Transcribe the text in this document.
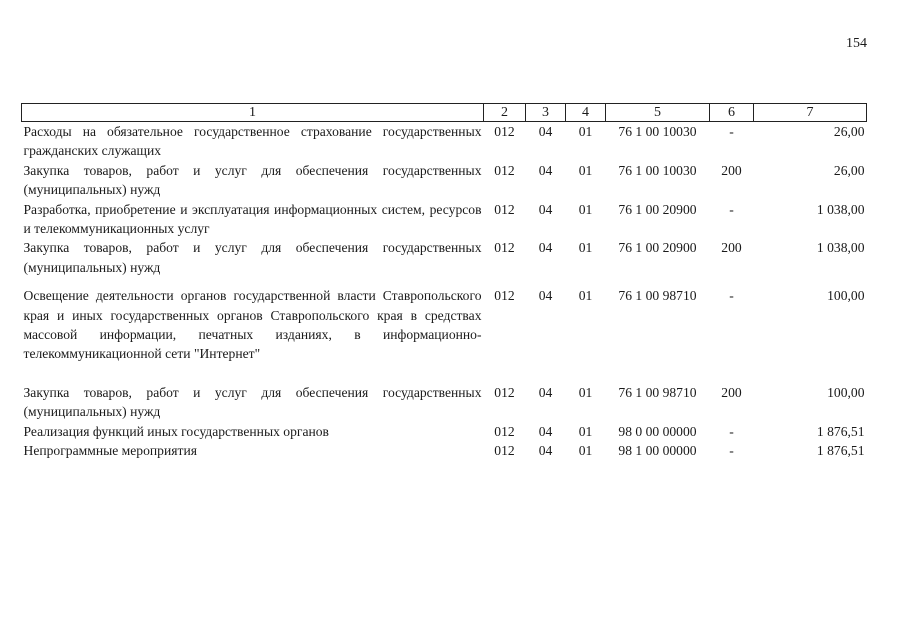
154
1	2	3	4	5	6	7
Расходы на обязательное государственное страхование государственных гражданских служащих	012	04	01	76 1 00 10030	-	26,00
Закупка товаров, работ и услуг для обеспечения государственных (муниципальных) нужд	012	04	01	76 1 00 10030	200	26,00
Разработка, приобретение и эксплуатация информационных систем, ресурсов и телекоммуникационных услуг	012	04	01	76 1 00 20900	-	1 038,00
Закупка товаров, работ и услуг для обеспечения государственных (муниципальных) нужд	012	04	01	76 1 00 20900	200	1 038,00
Освещение деятельности органов государственной власти Ставропольского края и иных государственных органов Ставропольского края в средствах массовой информации, печатных изданиях, в информационно-телекоммуникационной сети "Интернет"	012	04	01	76 1 00 98710	-	100,00
Закупка товаров, работ и услуг для обеспечения государственных (муниципальных) нужд	012	04	01	76 1 00 98710	200	100,00
Реализация функций иных государственных органов	012	04	01	98 0 00 00000	-	1 876,51
Непрограммные мероприятия	012	04	01	98 1 00 00000	-	1 876,51
